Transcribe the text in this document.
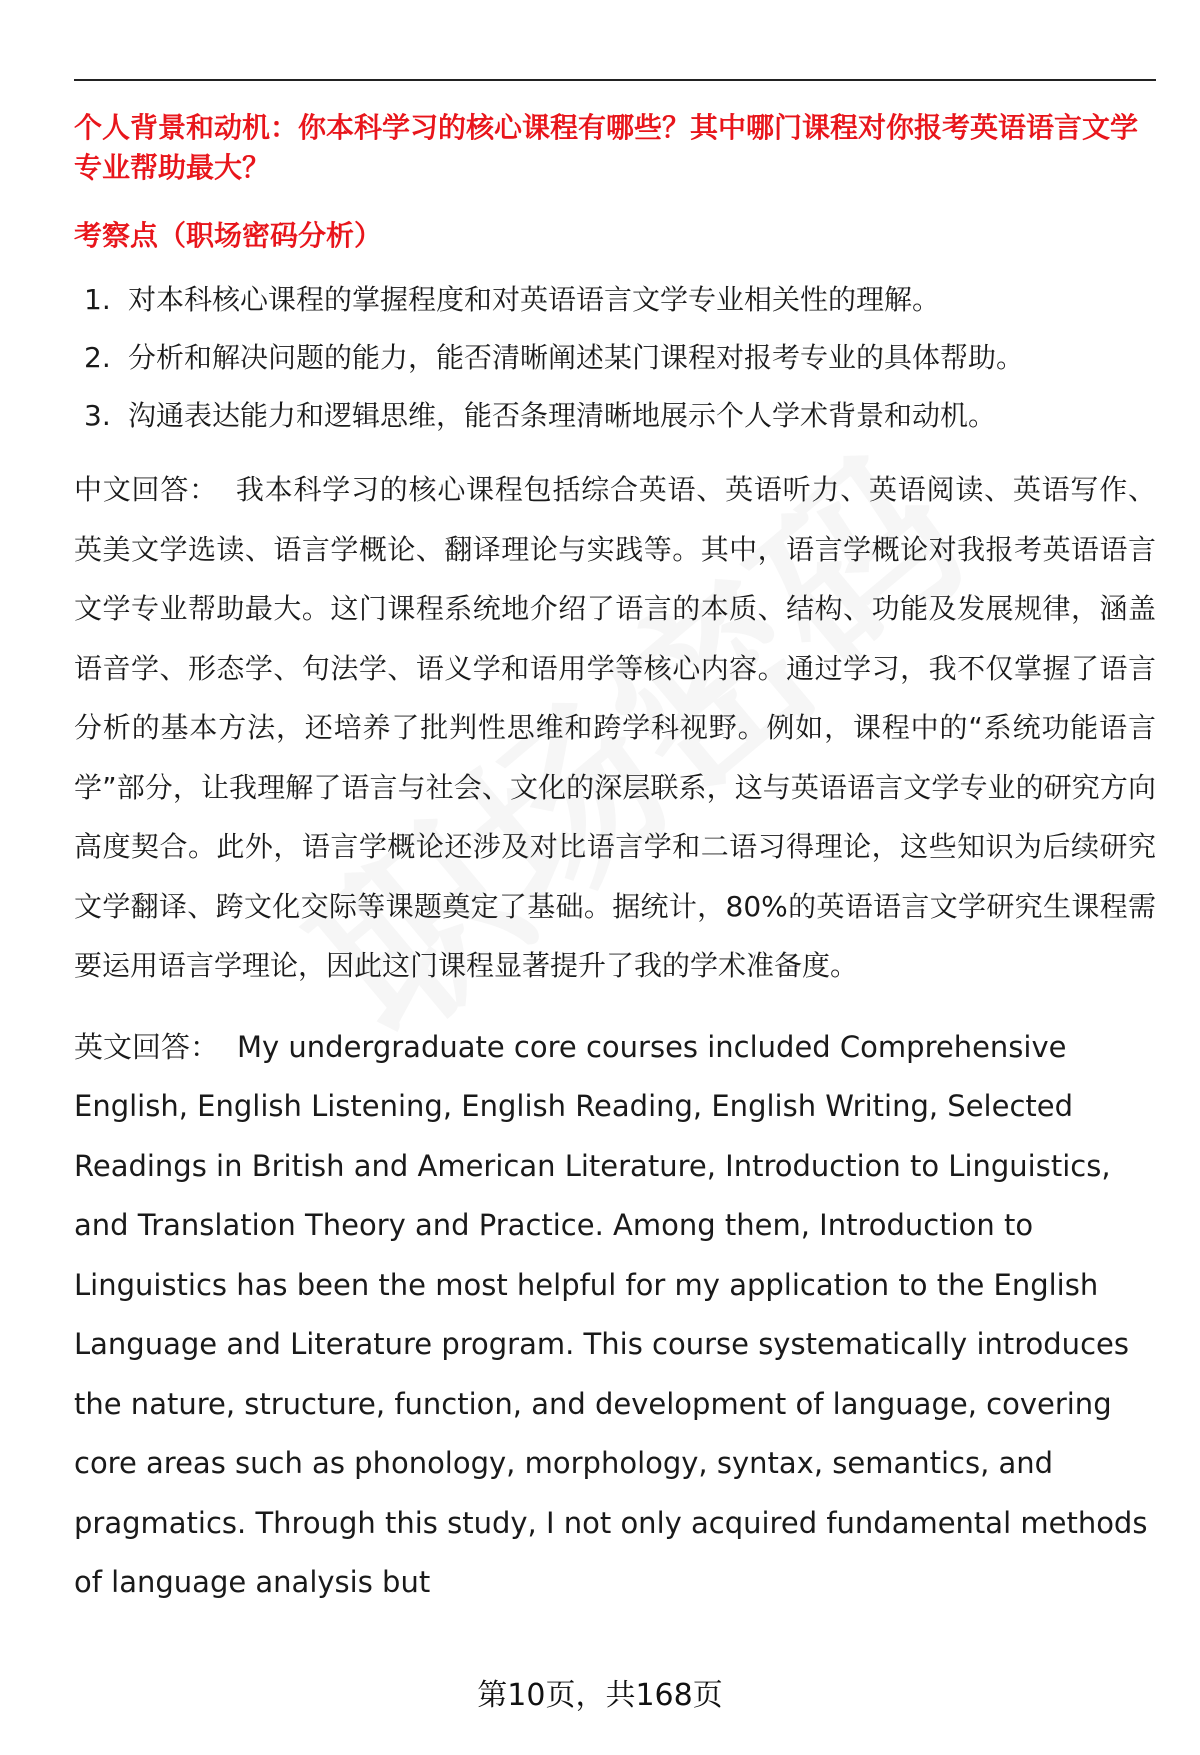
个人背景和动机：你本科学习的核心课程有哪些？其中哪门课程对你报考英语语言文学专业帮助最大？

考察点（职场密码分析）

1. 对本科核心课程的掌握程度和对英语语言文学专业相关性的理解。
2. 分析和解决问题的能力，能否清晰阐述某门课程对报考专业的具体帮助。
3. 沟通表达能力和逻辑思维，能否条理清晰地展示个人学术背景和动机。

中文回答： 我本科学习的核心课程包括综合英语、英语听力、英语阅读、英语写作、英美文学选读、语言学概论、翻译理论与实践等。其中，语言学概论对我报考英语语言文学专业帮助最大。这门课程系统地介绍了语言的本质、结构、功能及发展规律，涵盖语音学、形态学、句法学、语义学和语用学等核心内容。通过学习，我不仅掌握了语言分析的基本方法，还培养了批判性思维和跨学科视野。例如，课程中的“系统功能语言学”部分，让我理解了语言与社会、文化的深层联系，这与英语语言文学专业的研究方向高度契合。此外，语言学概论还涉及对比语言学和二语习得理论，这些知识为后续研究文学翻译、跨文化交际等课题奠定了基础。据统计，80%的英语语言文学研究生课程需要运用语言学理论，因此这门课程显著提升了我的学术准备度。

英文回答： My undergraduate core courses included Comprehensive English, English Listening, English Reading, English Writing, Selected Readings in British and American Literature, Introduction to Linguistics, and Translation Theory and Practice. Among them, Introduction to Linguistics has been the most helpful for my application to the English Language and Literature program. This course systematically introduces the nature, structure, function, and development of language, covering core areas such as phonology, morphology, syntax, semantics, and pragmatics. Through this study, I not only acquired fundamental methods of language analysis but

第10页，共168页
